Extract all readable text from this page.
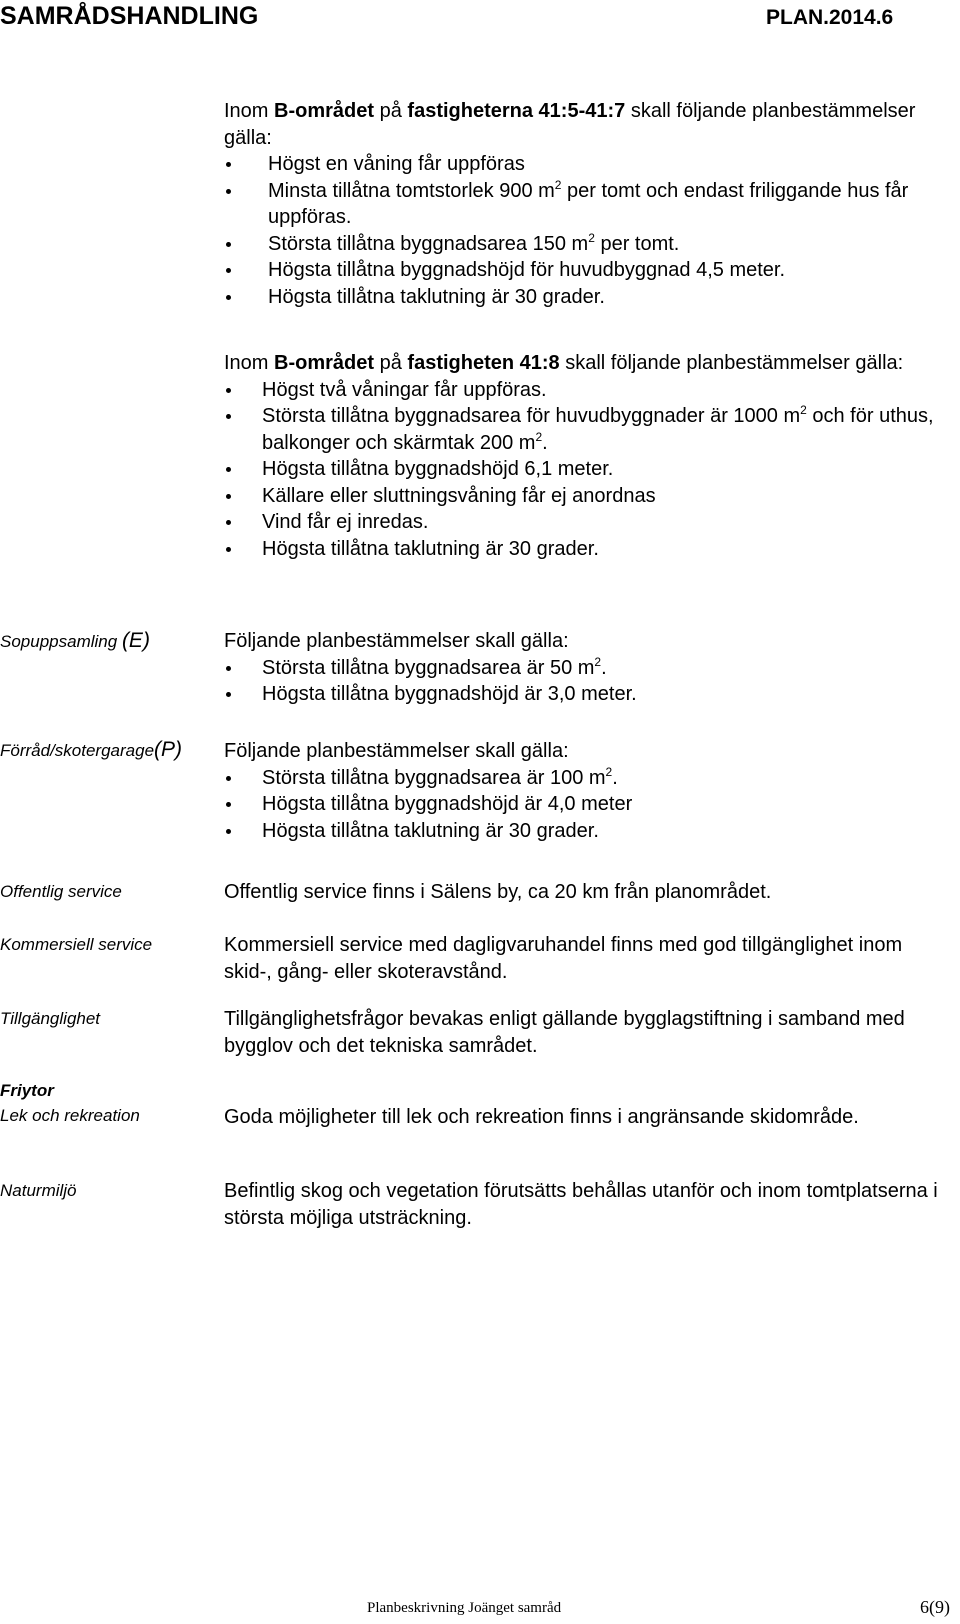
SAMRÅDSHANDLING	PLAN.2014.6

Inom B-området på fastigheterna 41:5-41:7 skall följande planbestämmelser gälla:

Högst en våning får uppföras
Minsta tillåtna tomtstorlek 900 $m^2$ per tomt och endast friliggande hus får uppföras.
Största tillåtna byggnadsarea 150 $m^2$ per tomt.
Högsta tillåtna byggnadshöjd för huvudbyggnad 4,5 meter.
Högsta tillåtna taklutning är 30 grader.

Inom B-området på fastigheten 41:8 skall följande planbestämmelser gälla:

Högst två våningar får uppföras.
Största tillåtna byggnadsarea för huvudbyggnader är 1000 $m^2$ och för uthus, balkonger och skärmtak 200 $m^2$.
Högsta tillåtna byggnadshöjd 6,1 meter.
Källare eller sluttningsvåning får ej anordnas
Vind får ej inredas.
Högsta tillåtna taklutning är 30 grader.
Sopuppsamling (E)	Följande planbestämmelser skall gälla:

Största tillåtna byggnadsarea är 50 $m^2$.
Högsta tillåtna byggnadshöjd är 3,0 meter.
Förråd/skotergarage(P) Följande planbestämmelser skall gälla:

Största tillåtna byggnadsarea är 100 $m^2$.
Högsta tillåtna byggnadshöjd är 4,0 meter
Högsta tillåtna taklutning är 30 grader.
Offentlig service	Offentlig service finns i Sälens by, ca 20 km från planområdet.
Kommersiell service	Kommersiell service med dagligvaruhandel finns med god tillgänglighet inom skid-, gång- eller skoteravstånd.
Tillgänglighet	Tillgänglighetsfrågor bevakas enligt gällande bygglagstiftning i samband med bygglov och det tekniska samrådet.
Friytor
Lek och rekreation	Goda möjligheter till lek och rekreation finns i angränsande skidområde.
Naturmiljö	Befintlig skog och vegetation förutsätts behållas utanför och inom tomtplatserna i största möjliga utsträckning.
Planbeskrivning Joänget samråd	6(9)
